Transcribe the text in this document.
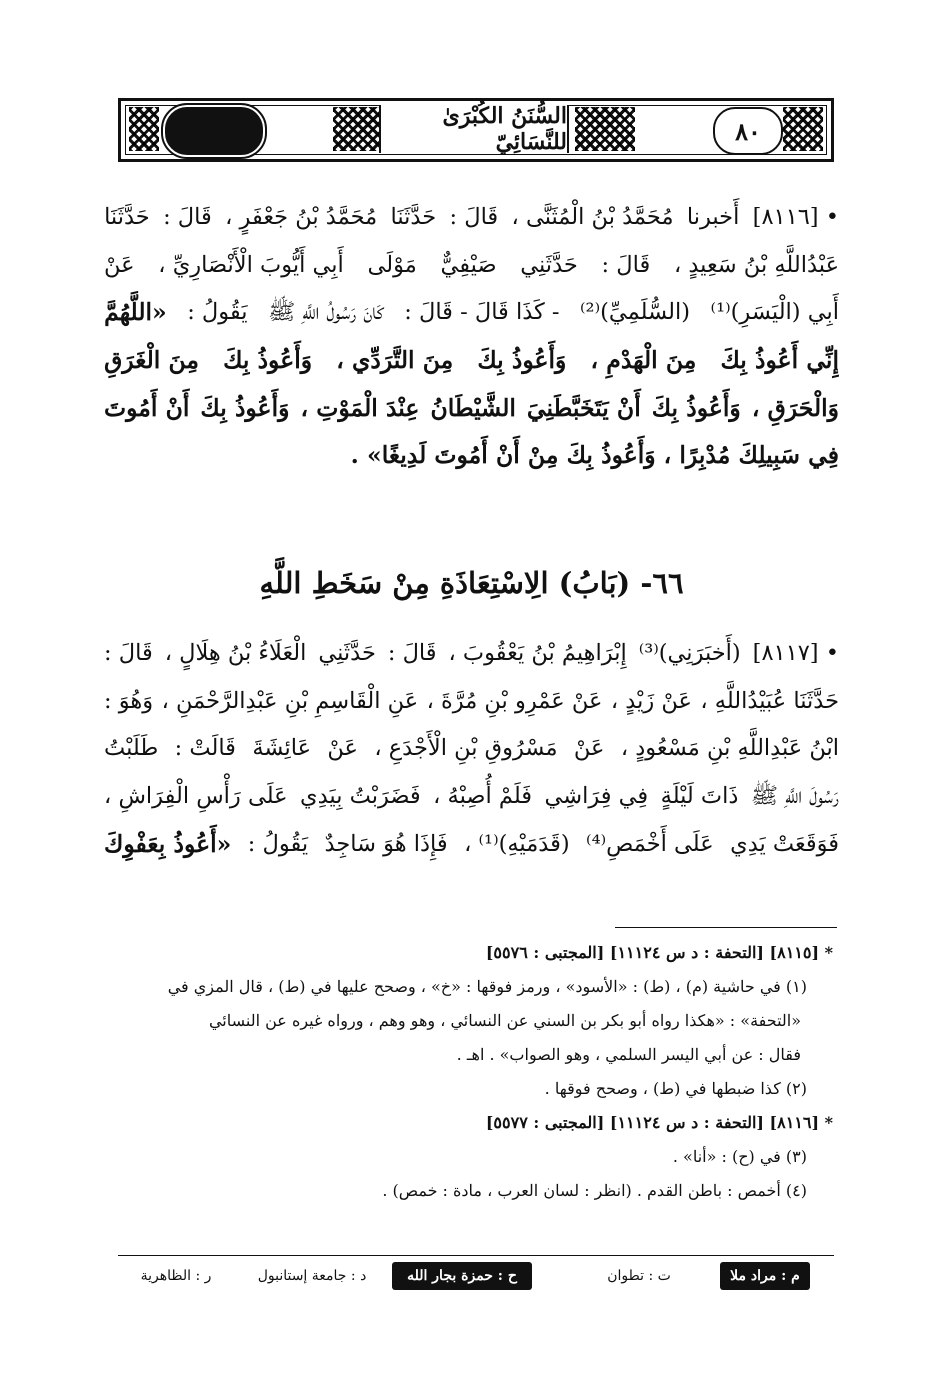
٨٠
السُّنَنُ الكُبْرَىٰ للنَّسَائِيّ
• [٨١١٦]
أَخبرنا
مُحَمَّدُ بْنُ الْمُثَنَّى ،
قَالَ :
حَدَّثَنَا
مُحَمَّدُ بْنُ جَعْفَرٍ ،
قَالَ :
حَدَّثَنَا
عَبْدُاللَّهِ بْنُ سَعِيدٍ ،
قَالَ :
حَدَّثَنِي
صَيْفِيٌّ
مَوْلَى
أَبِي أَيُّوبَ الْأَنْصَارِيِّ ،
عَنْ
أَبِي (الْيَسَرِ)⁽¹⁾
(السُّلَمِيِّ)⁽²⁾
- كَذَا قَالَ - قَالَ :
كَانَ رَسُولُ اللَّهِ ﷺ
يَقُولُ :
«اللَّهُمَّ
إِنِّي أَعُوذُ بِكَ
مِنَ الْهَدْمِ ،
وَأَعُوذُ بِكَ
مِنَ التَّرَدِّي ،
وَأَعُوذُ بِكَ
مِنَ الْغَرَقِ
وَالْحَرَقِ ،
وَأَعُوذُ بِكَ
أَنْ يَتَخَبَّطَنِيَ
الشَّيْطَانُ
عِنْدَ الْمَوْتِ ،
وَأَعُوذُ بِكَ
أَنْ أَمُوتَ
فِي سَبِيلِكَ مُدْبِرًا ،
وَأَعُوذُ بِكَ مِنْ أَنْ أَمُوتَ لَدِيغًا» .
٦٦- (بَابُ) الِاسْتِعَاذَةِ مِنْ سَخَطِ اللَّهِ
• [٨١١٧]
(أَخبَرَنِي)⁽³⁾
إِبْرَاهِيمُ بْنُ يَعْقُوبَ ،
قَالَ :
حَدَّثَنِي
الْعَلَاءُ بْنُ هِلَالٍ ،
قَالَ :
حَدَّثَنَا عُبَيْدُاللَّهِ ،
عَنْ زَيْدٍ ،
عَنْ عَمْرِو بْنِ مُرَّةَ ،
عَنِ الْقَاسِمِ بْنِ عَبْدِالرَّحْمَنِ ،
وَهُوَ :
ابْنُ عَبْدِاللَّهِ بْنِ مَسْعُودٍ ،
عَنْ
مَسْرُوقِ بْنِ الْأَجْدَعِ ،
عَنْ
عَائِشَةَ
قَالَتْ :
طَلَبْتُ
رَسُولَ اللَّهِ ﷺ
ذَاتَ لَيْلَةٍ
فِي فِرَاشِي
فَلَمْ أُصِبْهُ ،
فَضَرَبْتُ بِيَدِي
عَلَى رَأْسِ الْفِرَاشِ ،
فَوَقَعَتْ يَدِي
عَلَى أَخْمَصِ⁽⁴⁾
(قَدَمَيْهِ)⁽¹⁾ ،
فَإِذَا هُوَ سَاجِدٌ
يَقُولُ :
«أَعُوذُ بِعَفْوِكَ
* [٨١١٥] [التحفة : د س ١١١٢٤] [المجتبى : ٥٥٧٦]
(١) في حاشية (م) ، (ط) : «الأسود» ، ورمز فوقها : «خ» ، وصحح عليها في (ط) ، قال المزي في
«التحفة» : «هكذا رواه أبو بكر بن السني عن النسائي ، وهو وهم ، ورواه غيره عن النسائي
فقال : عن أبي اليسر السلمي ، وهو الصواب» . اهـ .
(٢) كذا ضبطها في (ط) ، وصحح فوقها .
* [٨١١٦] [التحفة : د س ١١١٢٤] [المجتبى : ٥٥٧٧]
(٣) في (ح) : «أنا» .
(٤) أخمص : باطن القدم . (انظر : لسان العرب ، مادة : خمص) .
م : مراد ملا
ت : تطوان
ح : حمزة بجار الله
د : جامعة إستانبول
ر : الظاهرية
